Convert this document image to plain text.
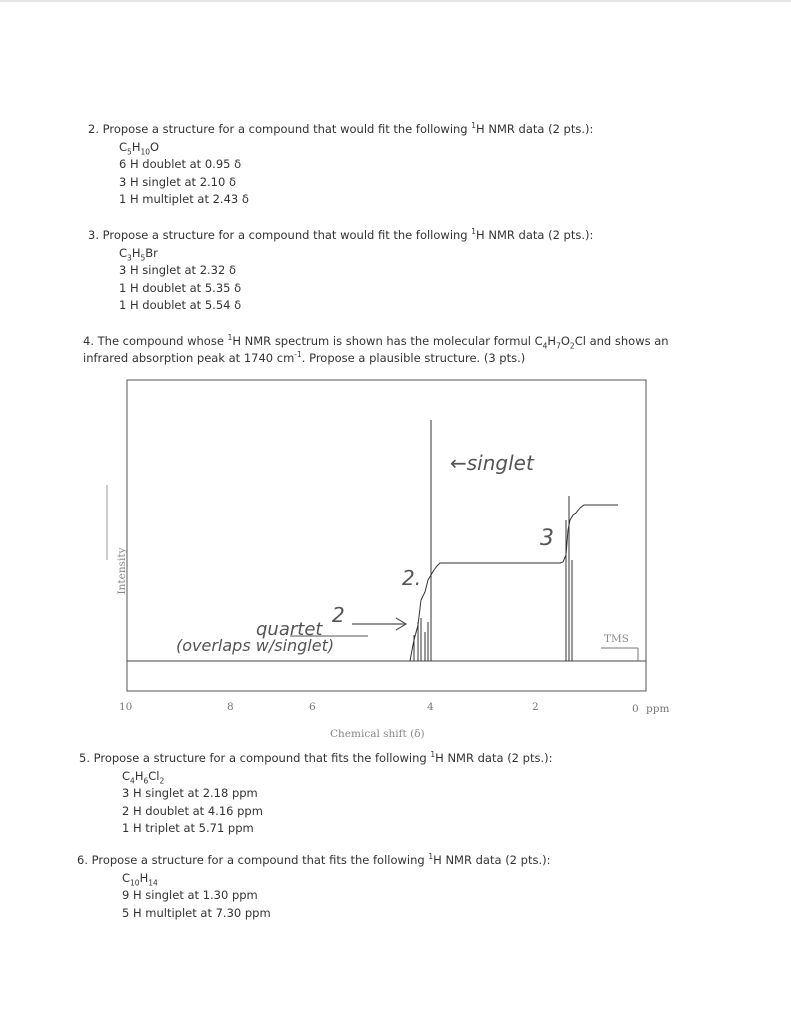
2. Propose a structure for a compound that would fit the following $^1$H NMR data (2 pts.):
$C_5H_{10}O$
6 H doublet at 0.95 δ
3 H singlet at 2.10 δ
1 H multiplet at 2.43 δ
3. Propose a structure for a compound that would fit the following $^1$H NMR data (2 pts.):
$C_3H_5Br$
3 H singlet at 2.32 δ
1 H doublet at 5.35 δ
1 H doublet at 5.54 δ
4. The compound whose $^1$H NMR spectrum is shown has the molecular formul $C_4H_7O_2Cl$ and shows an
infrared absorption peak at 1740 $cm^{-1}$. Propose a plausible structure. (3 pts.)
Intensity
10	8	6	4	2	0 ppm
Chemical shift (δ)
TMS
←singlet
3
2.
quartet
2
(overlaps w/singlet)
5. Propose a structure for a compound that fits the following $^1$H NMR data (2 pts.):
$C_4H_6Cl_2$
3 H singlet at 2.18 ppm
2 H doublet at 4.16 ppm
1 H triplet at 5.71 ppm
6. Propose a structure for a compound that fits the following $^1$H NMR data (2 pts.):
$C_{10}H_{14}$
9 H singlet at 1.30 ppm
5 H multiplet at 7.30 ppm
